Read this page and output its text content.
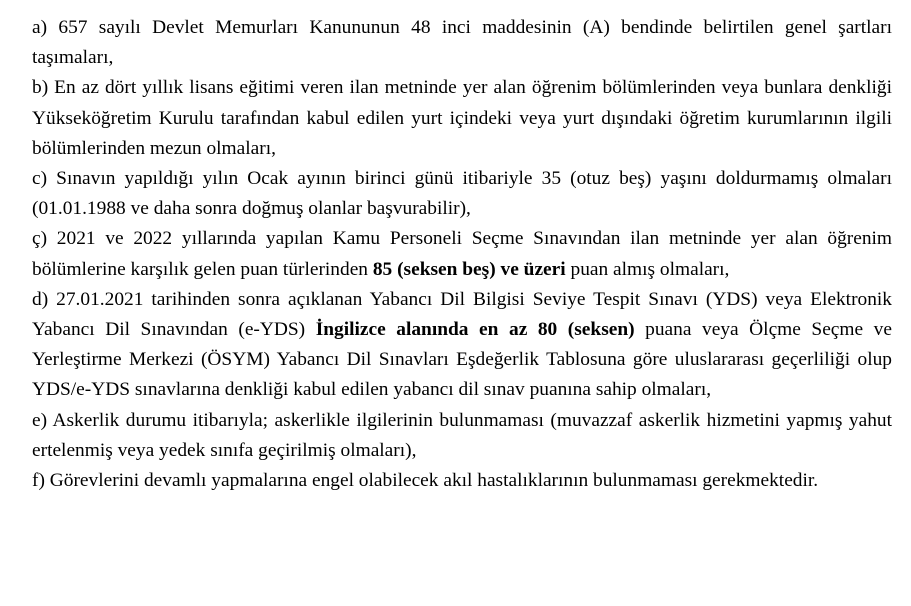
a) 657 sayılı Devlet Memurları Kanununun 48 inci maddesinin (A) bendinde belirtilen genel şartları taşımaları,

b) En az dört yıllık lisans eğitimi veren ilan metninde yer alan öğrenim bölümlerinden veya bunlara denkliği Yükseköğretim Kurulu tarafından kabul edilen yurt içindeki veya yurt dışındaki öğretim kurumlarının ilgili bölümlerinden mezun olmaları,

c) Sınavın yapıldığı yılın Ocak ayının birinci günü itibariyle 35 (otuz beş) yaşını doldurmamış olmaları (01.01.1988 ve daha sonra doğmuş olanlar başvurabilir),

ç) 2021 ve 2022 yıllarında yapılan Kamu Personeli Seçme Sınavından ilan metninde yer alan öğrenim bölümlerine karşılık gelen puan türlerinden 85 (seksen beş) ve üzeri puan almış olmaları,

d) 27.01.2021 tarihinden sonra açıklanan Yabancı Dil Bilgisi Seviye Tespit Sınavı (YDS) veya Elektronik Yabancı Dil Sınavından (e-YDS) İngilizce alanında en az 80 (seksen) puana veya Ölçme Seçme ve Yerleştirme Merkezi (ÖSYM) Yabancı Dil Sınavları Eşdeğerlik Tablosuna göre uluslararası geçerliliği olup YDS/e-YDS sınavlarına denkliği kabul edilen yabancı dil sınav puanına sahip olmaları,

e) Askerlik durumu itibarıyla; askerlikle ilgilerinin bulunmaması (muvazzaf askerlik hizmetini yapmış yahut ertelenmiş veya yedek sınıfa geçirilmiş olmaları),

f) Görevlerini devamlı yapmalarına engel olabilecek akıl hastalıklarının bulunmaması gerekmektedir.
